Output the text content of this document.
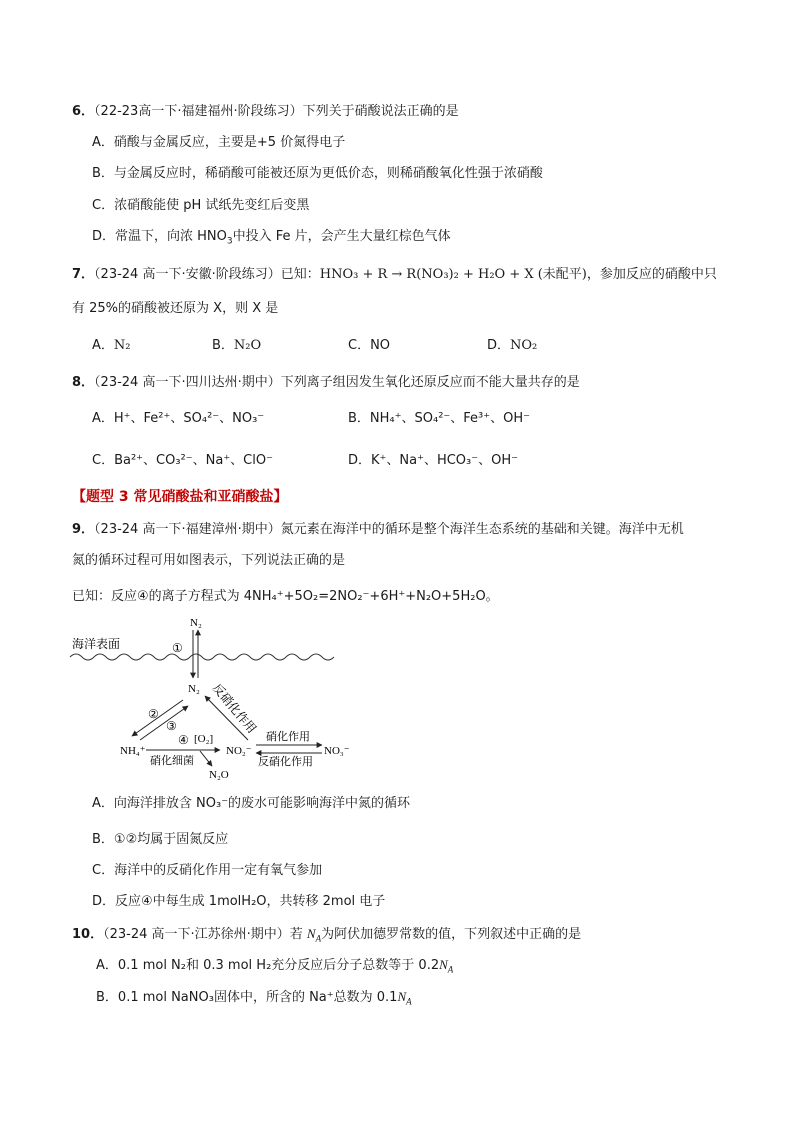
6．（22-23高一下·福建福州·阶段练习）下列关于硝酸说法正确的是
A．硝酸与金属反应，主要是+5 价氮得电子
B．与金属反应时，稀硝酸可能被还原为更低价态，则稀硝酸氧化性强于浓硝酸
C．浓硝酸能使 pH 试纸先变红后变黑
D．常温下，向浓 $HNO_3$中投入 Fe 片，会产生大量红棕色气体
7．（23-24 高一下·安徽·阶段练习）已知：HNO₃ + R → R(NO₃)₂ + H₂O + X (未配平)，参加反应的硝酸中只
有 25%的硝酸被还原为 X，则 X 是
A．N₂	B．N₂O	C．NO	D．NO₂
8．（23-24 高一下·四川达州·期中）下列离子组因发生氧化还原反应而不能大量共存的是
A．H⁺、Fe²⁺、SO₄²⁻、NO₃⁻	B．NH₄⁺、SO₄²⁻、Fe³⁺、OH⁻
C．Ba²⁺、CO₃²⁻、Na⁺、ClO⁻	D．K⁺、Na⁺、HCO₃⁻、OH⁻
【题型 3 常见硝酸盐和亚硝酸盐】
9．（23-24 高一下·福建漳州·期中）氮元素在海洋中的循环是整个海洋生态系统的基础和关键。海洋中无机
氮的循环过程可用如图表示，下列说法正确的是
已知：反应④的离子方程式为 4NH₄⁺+5O₂=2NO₂⁻+6H⁺+N₂O+5H₂O。
海洋表面
N₂
①
N₂
②
③	反硝化作用
NH₄⁺
④ [O₂]
硝化细菌
N₂O
NO₂⁻
硝化作用
反硝化作用
NO₃⁻
A．向海洋排放含 NO₃⁻的废水可能影响海洋中氮的循环
B．①②均属于固氮反应
C．海洋中的反硝化作用一定有氧气参加
D．反应④中每生成 1molH₂O，共转移 2mol 电子
10．（23-24 高一下·江苏徐州·期中）若 $N_A$为阿伏加德罗常数的值，下列叙述中正确的是
A．0.1 mol N₂和 0.3 mol H₂充分反应后分子总数等于 $0.2N_A$
B．0.1 mol NaNO₃固体中，所含的 Na⁺总数为 $0.1N_A$
